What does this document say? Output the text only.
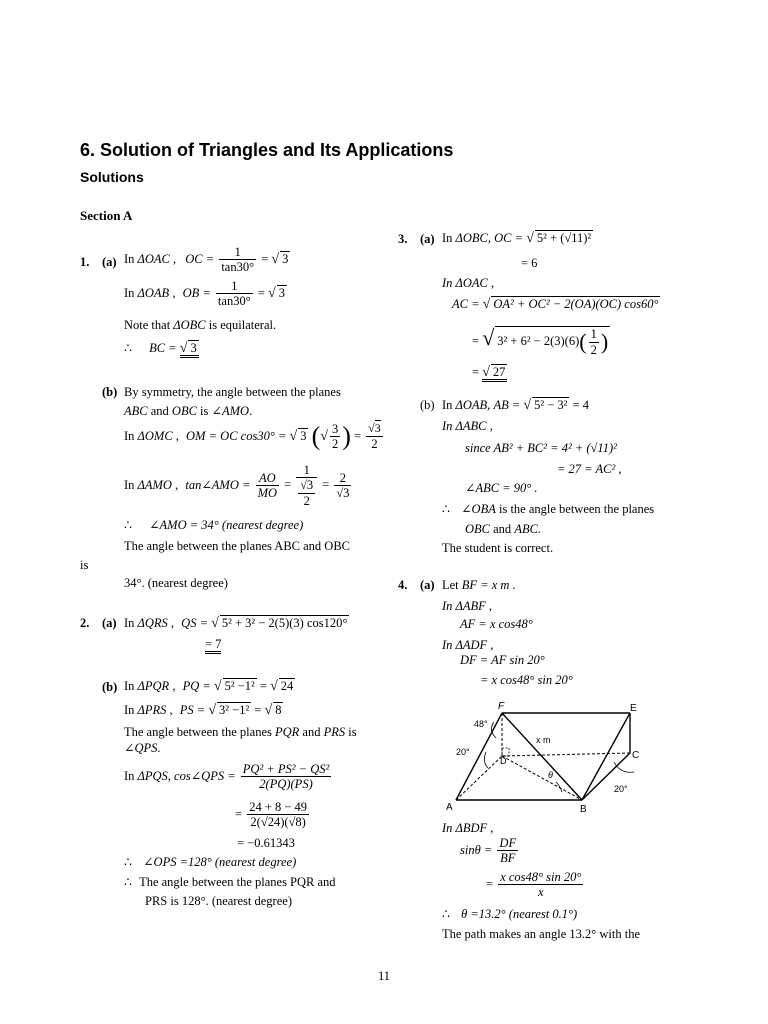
6. Solution of Triangles and Its Applications
Solutions
Section A
1. (a) In ΔOAC , OC = $\frac{1}{\tan 30^\circ}$ = √ 3
In ΔOAB , OB = $\frac{1}{\tan 30^\circ}$ = √ 3
Note that ΔOBC is equilateral.
∴ BC = √ 3
(b) By symmetry, the angle between the planes
ABC and OBC is ∠AMO.
In ΔOMC , OM = OC cos30° = √ 3 (√ $\frac{3}{2}$ ) = $\frac{√3}{2}$
In ΔAMO , tan∠AMO = $\frac{AO}{MO} = \frac{1}{\frac{√3}{2}} = \frac{2}{√3}$
∴ ∠AMO = 34° (nearest degree)
The angle between the planes ABC and OBC
is
34°. (nearest degree)
2. (a) In ΔQRS , QS = √ 5² + 3² − 2(5)(3) cos120°
= 7
(b) In ΔPQR , PQ = √ 5² −1² = √ 24
In ΔPRS , PS = √ 3² −1² = √ 8
The angle between the planes PQR and PRS is
∠QPS.
In ΔPQS, cos∠QPS = $\frac{\text{PQ² + PS² − QS²}}{2(PQ)(PS)}$
= $\frac{24 + 8 - 49}{2(√24)(√8)}$
= −0.61343
∴ ∠OPS =128° (nearest degree)
∴ The angle between the planes PQR and
PRS is 128°. (nearest degree)
3. (a) In ΔOBC, OC = √ 5² + (√11)²
= 6
In ΔOAC ,
AC = √ OA² + OC² − 2(OA)(OC) cos60°
= √ $3^2 + 6^2 - 2(3)(6)( \frac{1}{2}$ )
= √ 27
(b) In ΔOAB, AB = √ 5² − 3² = 4
In ΔABC ,
since AB² + BC² = 4² + (√11)²
= 27 = AC² ,
∠ABC = 90° .
∴ ∠OBA is the angle between the planes
OBC and ABC.
The student is correct.
4. (a) Let BF = x m .
In ΔABF ,
AF = x cos48°
In ΔADF ,
DF = AF sin 20°
= x cos48° sin 20°
F	E
C
A	B
D
48°
20°
20°
x m
θ
In ΔBDF ,
$\sin\theta = \frac{DF}{BF}$
= $\frac{\text{x cos48° sin 20°}}{x}$
∴ θ =13.2° (nearest 0.1°)
The path makes an angle 13.2° with the
11
